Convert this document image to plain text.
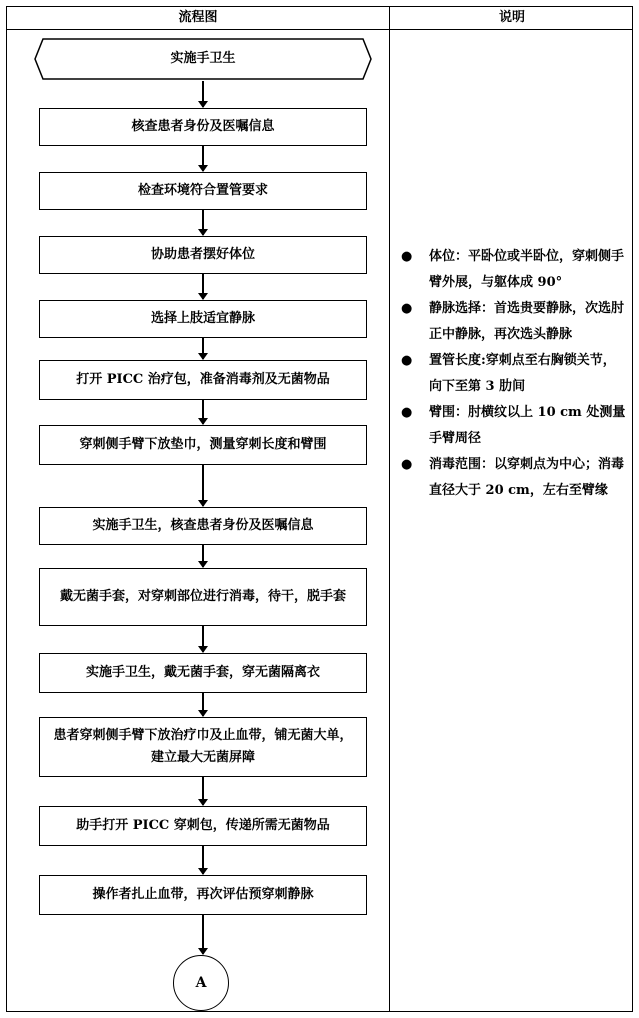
流程图	说明
实施手卫生
核查患者身份及医嘱信息
检查环境符合置管要求
协助患者摆好体位
选择上肢适宜静脉
打开 PICC 治疗包，准备消毒剂及无菌物品
穿刺侧手臂下放垫巾，测量穿刺长度和臂围
实施手卫生，核查患者身份及医嘱信息
戴无菌手套，对穿刺部位进行消毒，待干，脱手套
实施手卫生，戴无菌手套，穿无菌隔离衣
患者穿刺侧手臂下放治疗巾及止血带，铺无菌大单，建立最大无菌屏障
助手打开 PICC 穿刺包，传递所需无菌物品
操作者扎止血带，再次评估预穿刺静脉
A
● 体位：平卧位或半卧位，穿刺侧手臂外展，与躯体成 90°
● 静脉选择：首选贵要静脉，次选肘正中静脉，再次选头静脉
● 置管长度:穿刺点至右胸锁关节，向下至第 3 肋间
● 臂围：肘横纹以上 10 cm 处测量手臂周径
● 消毒范围：以穿刺点为中心；消毒直径大于 20 cm，左右至臂缘
